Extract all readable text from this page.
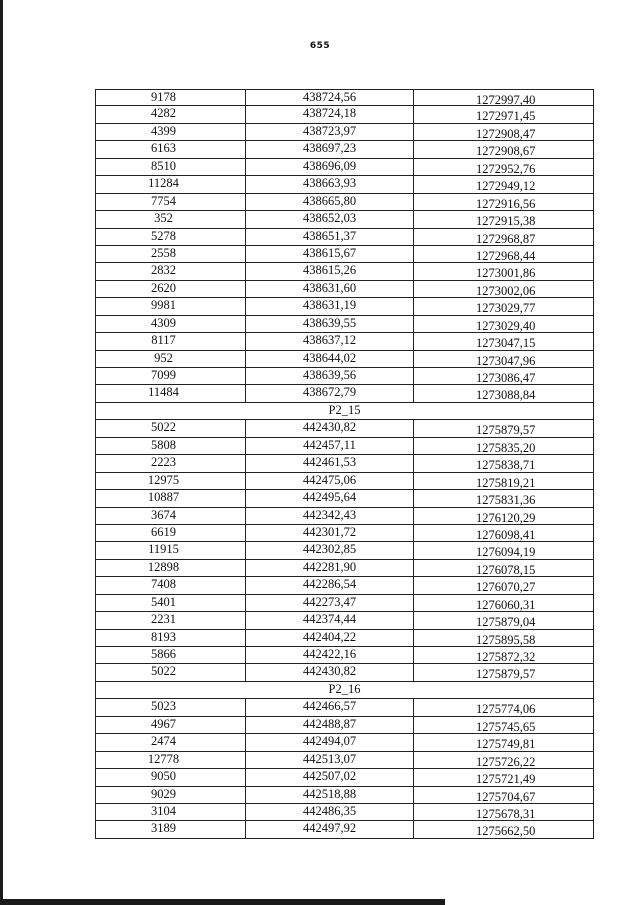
655
9178	438724,56	1272997,40
4282	438724,18	1272971,45
4399	438723,97	1272908,47
6163	438697,23	1272908,67
8510	438696,09	1272952,76
11284	438663,93	1272949,12
7754	438665,80	1272916,56
352	438652,03	1272915,38
5278	438651,37	1272968,87
2558	438615,67	1272968,44
2832	438615,26	1273001,86
2620	438631,60	1273002,06
9981	438631,19	1273029,77
4309	438639,55	1273029,40
8117	438637,12	1273047,15
952	438644,02	1273047,96
7099	438639,56	1273086,47
11484	438672,79	1273088,84
P2_15
5022	442430,82	1275879,57
5808	442457,11	1275835,20
2223	442461,53	1275838,71
12975	442475,06	1275819,21
10887	442495,64	1275831,36
3674	442342,43	1276120,29
6619	442301,72	1276098,41
11915	442302,85	1276094,19
12898	442281,90	1276078,15
7408	442286,54	1276070,27
5401	442273,47	1276060,31
2231	442374,44	1275879,04
8193	442404,22	1275895,58
5866	442422,16	1275872,32
5022	442430,82	1275879,57
P2_16
5023	442466,57	1275774,06
4967	442488,87	1275745,65
2474	442494,07	1275749,81
12778	442513,07	1275726,22
9050	442507,02	1275721,49
9029	442518,88	1275704,67
3104	442486,35	1275678,31
3189	442497,92	1275662,50
